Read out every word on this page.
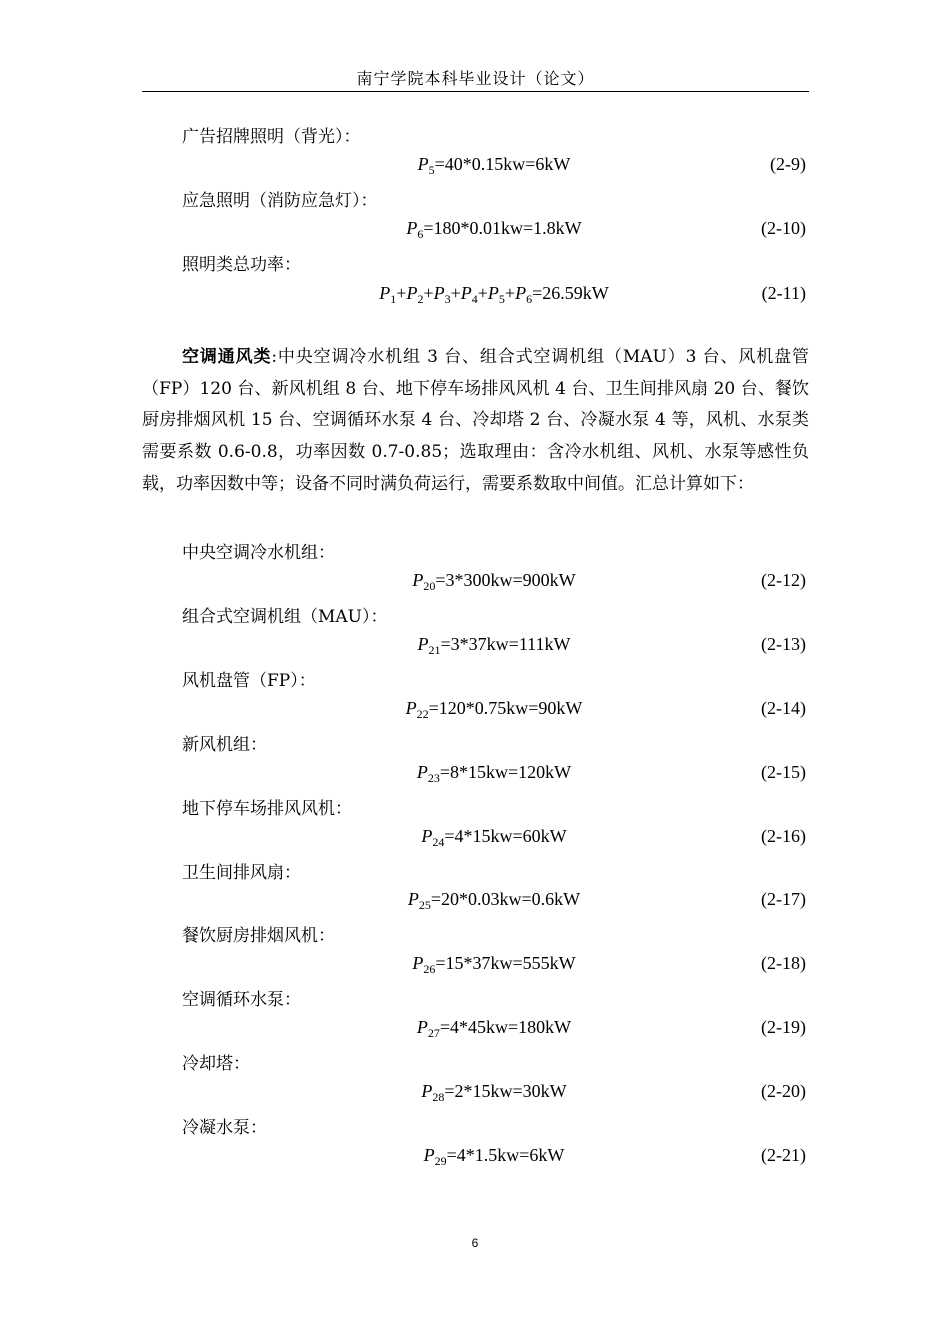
南宁学院本科毕业设计（论文）
广告招牌照明（背光）：
$P_5=40*0.15kw=6kW$	(2-9)
应急照明（消防应急灯）：
$P_6=180*0.01kw=1.8kW$	(2-10)
照明类总功率：
$P_1+P_2+P_3+P_4+P_5+P_6=26.59kW$	(2-11)
空调通风类:中央空调冷水机组 3 台、组合式空调机组（MAU）3 台、风机盘管（FP）120 台、新风机组 8 台、地下停车场排风风机 4 台、卫生间排风扇 20 台、餐饮厨房排烟风机 15 台、空调循环水泵 4 台、冷却塔 2 台、冷凝水泵 4 等，风机、水泵类需要系数 0.6-0.8，功率因数 0.7-0.85；选取理由：含冷水机组、风机、水泵等感性负载，功率因数中等；设备不同时满负荷运行，需要系数取中间值。汇总计算如下：
中央空调冷水机组：
$P_{20}=3*300kw=900kW$	(2-12)
组合式空调机组（MAU）：
$P_{21}=3*37kw=111kW$	(2-13)
风机盘管（FP）：
$P_{22}=120*0.75kw=90kW$	(2-14)
新风机组：
$P_{23}=8*15kw=120kW$	(2-15)
地下停车场排风风机：
$P_{24}=4*15kw=60kW$	(2-16)
卫生间排风扇：
$P_{25}=20*0.03kw=0.6kW$	(2-17)
餐饮厨房排烟风机：
$P_{26}=15*37kw=555kW$	(2-18)
空调循环水泵：
$P_{27}=4*45kw=180kW$	(2-19)
冷却塔：
$P_{28}=2*15kw=30kW$	(2-20)
冷凝水泵：
$P_{29}=4*1.5kw=6kW$	(2-21)
6
